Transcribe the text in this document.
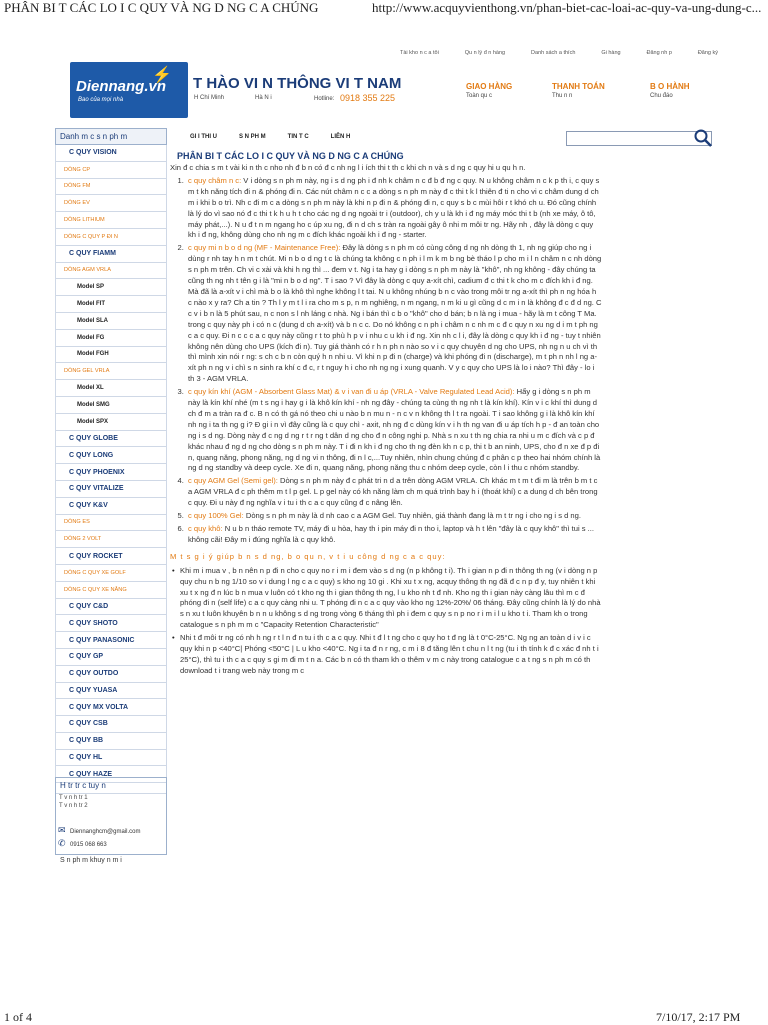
PHÂN BI T CÁC LO I C QUY VÀ NG D NG C A CHÚNG	http://www.acquyvienthong.vn/phan-biet-cac-loai-ac-quy-va-ung-dung-c...
Tài kho n c a tôi	Qu n lý đ n hàng	Danh sách a thích	Gi hàng	Đăng nh p	Đăng ký
⚡
Diennang.vn
Bao của mọi nhà
T HÀO VI N THÔNG VI T NAM
H Chí Minh	Hà N i	Hotline: 0918 355 225
GIAO HÀNG
Toàn qu c
THANH TOÁN
Thu n n
B O HÀNH
Chu đáo
GI I THI U	S N PH M	TIN T C	LIÊN H
Danh m c s n ph m
C QUY VISION
DÒNG CP
DÒNG FM
DÒNG EV
DÒNG LITHIUM
DÒNG C QUY P ĐI N
C QUY FIAMM
DÒNG AGM VRLA
Model SP
Model FIT
Model SLA
Model FG
Model FGH
DÒNG GEL VRLA
Model XL
Model SMG
Model SPX
C QUY GLOBE
C QUY LONG
C QUY PHOENIX
C QUY VITALIZE
C QUY K&V
DÒNG ES
DÒNG 2 VOLT
C QUY ROCKET
DÒNG C QUY XE GOLF
DÒNG C QUY XE NÂNG
C QUY C&D
C QUY SHOTO
C QUY PANASONIC
C QUY GP
C QUY OUTDO
C QUY YUASA
C QUY MX VOLTA
C QUY CSB
C QUY BB
C QUY HL
C QUY HAZE
H tr tr c tuy n
T v n h tr 1
T v n h tr 2
✉ Diennanghcm@gmail.com
✆ 0915 068 663
S n ph m khuy n m i
PHÂN BI T CÁC LO I C QUY VÀ NG D NG C A CHÚNG

Xin đ c chia s m t vài ki n th c nho nh đ b n có đ c nh ng l i ích thi t th c khi ch n và s d ng c quy hi u qu h n.

1. c quy châm n c: V i dòng s n ph m này, ng i s d ng ph i đ nh k châm n c đ b đ ng c quy. N u không châm n c k p th i, c quy s m t kh năng tích đi n & phóng đi n. Các nút châm n c c a dòng s n ph m này đ c thi t k l thiên đ ti n cho vi c châm dung d ch m i khi b o trì. Nh c đi m c a dòng s n ph m này là khi n p đi n & phóng đi n, c quy s b c mùi hôi r t khó ch u. Đó cũng chính là lý do vì sao nó đ c thi t k h u h t cho các ng d ng ngoài tr i (outdoor), ch y u là kh i đ ng máy móc thi t b (nh xe máy, ô tô, máy phát,...). N u đ t n m ngang ho c úp xu ng, đi n d ch s tràn ra ngoài gây ô nhi m môi tr ng. Hãy nh , đây là dòng c quy kh i đ ng, không dùng cho nh ng m c đích khác ngoài kh i đ ng - starter.
2. c quy mi n b o d ng (MF - Maintenance Free): Đây là dòng s n ph m có cùng công d ng nh dòng th 1, nh ng giúp cho ng i dùng r nh tay h n m t chút. Mi n b o d ng t c là chúng ta không c n ph i l m k m b ng bè tháo l p cho m i l n châm n c nh dòng s n ph m trên. Ch vi c xài và khi h ng thì ... đem v t. Ng i ta hay g i dòng s n ph m này là "khô", nh ng không - đây chúng ta cũng th ng nh t tên g i là "mi n b o d ng". T i sao ? Vì đây là dòng c quy a-xít chì, cadium đ c thi t k cho m c đích kh i đ ng. Mà đã là a-xít v i chì mà b o là khô thì nghe không l t tai. N u không nhúng b n c vào trong môi tr ng a-xít thì ph n ng hóa h c nào x y ra? Ch a tin ? Th l y m t l i ra cho m s p, n m nghiêng, n m ngang, n m ki u gì cũng d c m i n là không đ c đ d ng. C c v i b n là 5 phút sau, n c non s l nh láng c nhà. Ng i bán thì c b o "khô" cho d bán; b n là ng i mua - hãy là m t công T Ma. trong c quy này ph i có n c (dung d ch a-xít) và b n c c. Do nó không c n ph i châm n c nh m c đ c quy n xu ng d i m t ph ng c a c quy. Đi n c c c a c quy này cũng r t to phù h p v i nhu c u kh i đ ng. Xin nh c l i, đây là dòng c quy kh i đ ng - tuy t nhiên không nên dùng cho UPS (kích đi n). Tuy giá thành có r h n ph n nào so v i c quy chuyên d ng cho UPS, nh ng n u ch vì th thì mình xin nói r ng: s ch c b n còn quý h n nhi u. Vì khi n p đi n (charge) và khi phóng đi n (discharge), m t ph n nh l ng a-xít ph n ng v i chì s n sinh ra khí c đ c, r t nguy h i cho nh ng ng i xung quanh. V y c quy cho UPS là lo i nào? Thì đây - lo i th 3 - AGM VRLA.
3. c quy kín khí (AGM - Absorbent Glass Mat) & v i van đi u áp (VRLA - Valve Regulated Lead Acid): Hẩy g i dòng s n ph m này là kín khí nhé (m t s ng i hay g i là khô kín khí - nh ng đây - chúng ta cùng th ng nh t là kín khí). Kín v i c khí thì dung d ch đ m a tràn ra đ c. B n có th gá nó theo chi u nào b n mu n - n c v n không th l t ra ngoài. T i sao không g i là khô kín khí nh ng i ta th ng g i? Đ gi i n vì đây cũng là c quy chì - axit, nh ng đ c dùng kín v i h th ng van đi u áp tích h p - đ an toàn cho ng i s d ng. Dòng này đ c ng d ng r t r ng t dân d ng cho đ n công nghi p. Nhà s n xu t th ng chia ra nhi u m c đích và c p đ khác nhau đ ng d ng cho dòng s n ph m này. T i đi n kh i đ ng cho th ng đèn kh n c p, thi t b an ninh, UPS, cho đ n xe đ p đi n, quang năng, phong năng, ng d ng vi n thông, đi n l c,...Tuy nhiên, nhìn chung chúng đ c phân c p theo hai nhóm chính là ng d ng standby và deep cycle. Xe đi n, quang năng, phong năng thu c nhóm deep cycle, còn l i thu c nhóm standby.
4. c quy AGM Gel (Semi gel): Dòng s n ph m này đ c phát tri n d a trên dòng AGM VRLA. Ch khác m t m t đi m là trên b m t c a AGM VRLA đ c ph thêm m t l p gel. L p gel này có kh năng làm ch m quá trình bay h i (thoát khí) c a dung d ch bên trong c quy. Đi u này đ ng nghĩa v i tu i th c a c quy cũng đ c nâng lên.
5. c quy 100% Gel: Dòng s n ph m này là d nh cao c a AGM Gel. Tuy nhiên, giá thành đang là m t tr ng i cho ng i s d ng.
6. c quy khô: N u b n tháo remote TV, máy đi u hòa, hay th i pin máy đi n tho i, laptop và h t lên "đây là c quy khô" thì tui s ... không cãi! Đây m i đúng nghĩa là c quy khô.
M t s g i ý giúp b n s d ng, b o qu n, v t i u công d ng c a c quy:
• Khi m i mua v , b n nên n p đi n cho c quy no r i m i đem vào s d ng (n p không t i). Th i gian n p đi n thông th ng (v i dòng n p quy chu n b ng 1/10 so v i dung l ng c a c quy) s kho ng 10 gi . Khi xu t x ng, acquy thông th ng đã đ c n p đ y, tuy nhiên t khi xu t x ng đ n lúc b n mua v luôn có t kho ng th i gian thông th ng, l u kho nh t đ nh. Kho ng th i gian này càng lâu thì m c đ phóng đi n (self life) c a c quy càng nhi u. T phóng đi n c a c quy vào kho ng 12%-20%/ 06 tháng. Đây cũng chính là lý do nhà s n xu t luôn khuyên b n n u không s d ng trong vòng 6 tháng thì ph i đem c quy s n p no r i m i l u kho t i. Tham kh o trong catalogue s n ph m m c "Capacity Retention Characteristic"
• Nhi t đ môi tr ng có nh h ng r t l n đ n tu i th c a c quy. Nhi t đ l t ng cho c quy ho t đ ng là t 0°C-25°C. Ng ng an toàn d i v i c quy khi n p <40°C| Phóng <50°C | L u kho <40°C. Ng i ta đ n r ng, c m i 8 đ tăng lên t chu n l t ng (tu i th tính k đ c xác đ nh t i 25°C), thì tu i th c a c quy s gi m đi m t n a. Các b n có th tham kh o thêm v m c này trong catalogue c a t ng s n ph m có th download t i trang web này trong m c
1 of 4	7/10/17, 2:17 PM
